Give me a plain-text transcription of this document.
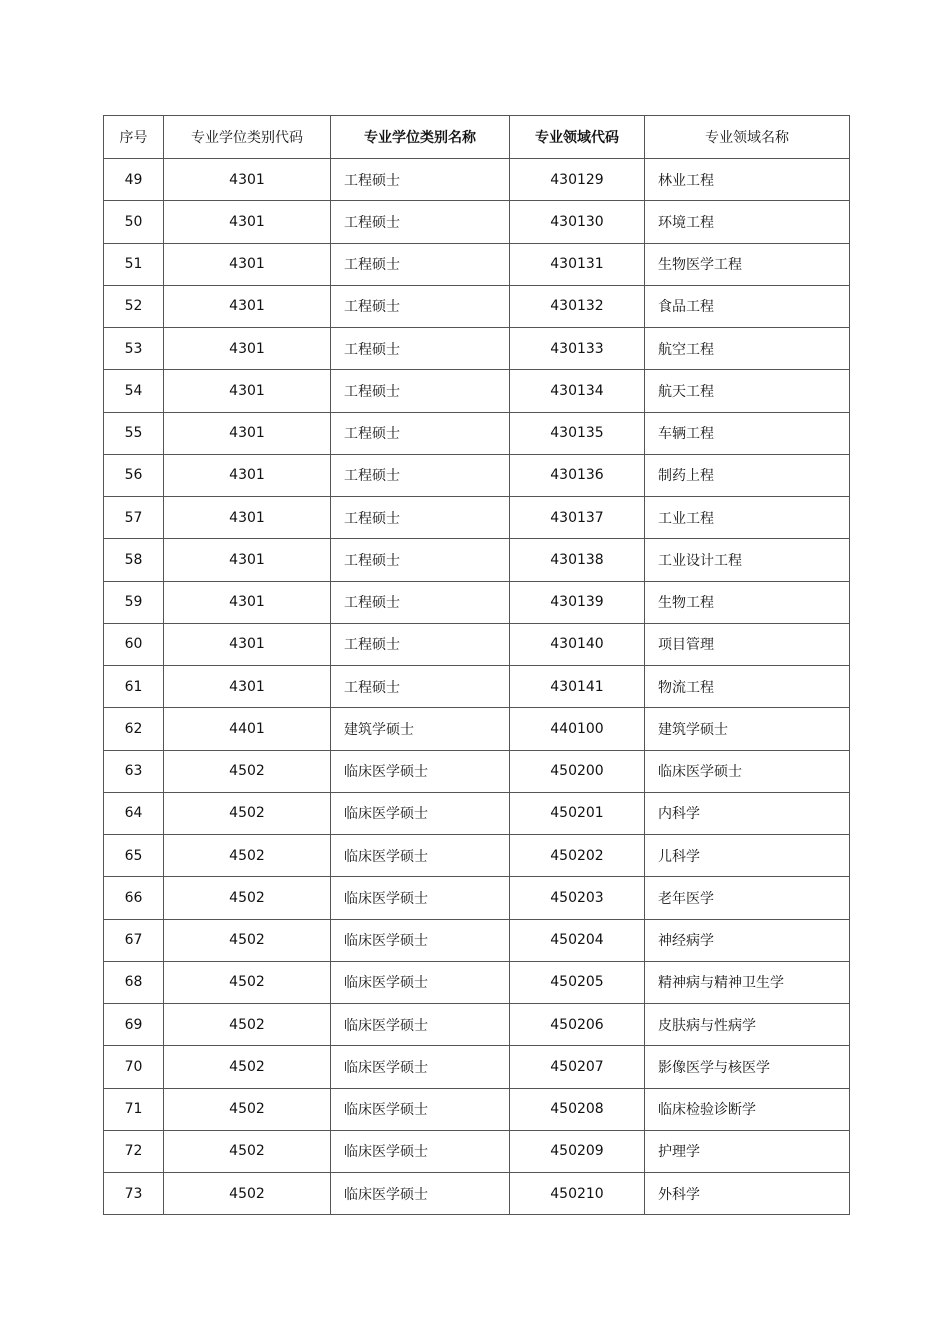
序号	专业学位类别代码	专业学位类别名称	专业领域代码	专业领域名称
49	4301	工程硕士	430129	林业工程
50	4301	工程硕士	430130	环境工程
51	4301	工程硕士	430131	生物医学工程
52	4301	工程硕士	430132	食品工程
53	4301	工程硕士	430133	航空工程
54	4301	工程硕士	430134	航天工程
55	4301	工程硕士	430135	车辆工程
56	4301	工程硕士	430136	制药上程
57	4301	工程硕士	430137	工业工程
58	4301	工程硕士	430138	工业设计工程
59	4301	工程硕士	430139	生物工程
60	4301	工程硕士	430140	项目管理
61	4301	工程硕士	430141	物流工程
62	4401	建筑学硕士	440100	建筑学硕士
63	4502	临床医学硕士	450200	临床医学硕士
64	4502	临床医学硕士	450201	内科学
65	4502	临床医学硕士	450202	儿科学
66	4502	临床医学硕士	450203	老年医学
67	4502	临床医学硕士	450204	神经病学
68	4502	临床医学硕士	450205	精神病与精神卫生学
69	4502	临床医学硕士	450206	皮肤病与性病学
70	4502	临床医学硕士	450207	影像医学与核医学
71	4502	临床医学硕士	450208	临床检验诊断学
72	4502	临床医学硕士	450209	护理学
73	4502	临床医学硕士	450210	外科学
